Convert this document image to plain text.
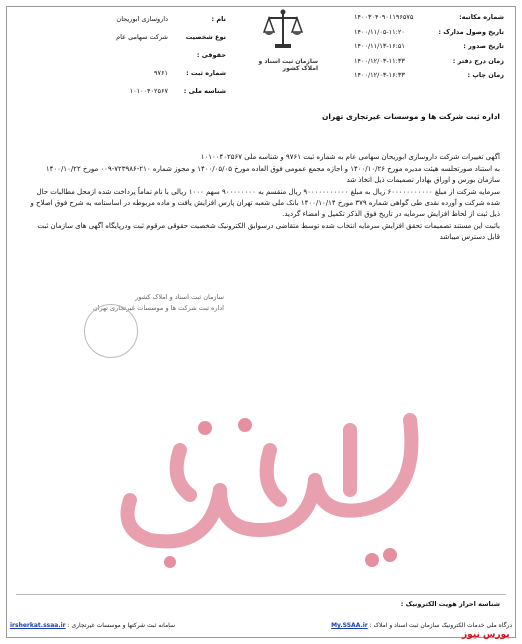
شماره مکاتبه:
۱۴۰۰۳۰۴۰۹۰۱۱۹۶۵۷۵
تاریخ وصول مدارک :
۱۴۰۰/۱۱/۰۵-۱۱:۲۰
تاریخ صدور :
۱۴۰۰/۱۱/۱۳-۱۶:۵۱
زمان درج دفتر :
۱۴۰۰/۱۲/۰۳-۱۱:۳۳
زمان چاپ :
۱۴۰۰/۱۲/۰۳-۱۶:۳۳
سازمان ثبت اسناد و املاک کشور
نام :
داروسازی ابوریحان
نوع شخصیت حقوقی :
شرکت سهامی عام
شماره ثبت :
۹۷۶۱
شناسه ملی :
۱۰۱۰۰۴۰۲۵۶۷
اداره ثبت شرکت ها و موسسات غیرتجاری تهران

آگهی تغییرات شرکت داروسازی ابوریحان سهامی عام به شماره ثبت ۹۷۶۱ و شناسه ملی ۱۰۱۰۰۴۰۲۵۶۷

به استناد صورتجلسه هیئت مدیره مورخ ۱۴۰۰/۱۰/۲۶ و اجازه مجمع عمومی فوق العاده مورخ ۱۴۰۰/۰۵/۰۵ و مجوز شماره ۲۱۰-۷۲۳۹۸۶-۰۰۹ مورخ ۱۴۰۰/۱۰/۲۲ سازمان بورس و اوراق بهادار تصمیمات ذیل اتخاذ شد

سرمایه شرکت از مبلغ ۶۰۰۰۰۰۰۰۰۰۰۰ ریال به مبلغ ۹۰۰۰۰۰۰۰۰۰۰۰ ریال منقسم به ۹۰۰۰۰۰۰۰۰ سهم ۱۰۰۰ ریالی با نام تماماً پرداخت شده ازمحل مطالبات حال شده شرکت و آورده نقدی طی گواهی شماره ۳۷۹ مورخ ۱۴۰۰/۱۰/۱۴ بانک ملی شعبه تهران پارس افزایش یافت و ماده مربوطه در اساسنامه به شرح فوق اصلاح و ذیل ثبت از لحاظ افزایش سرمایه در تاریخ فوق الذکر تکمیل و امضاء گردید.

باثبت این مستند تصمیمات تحقق افزایش سرمایه انتخاب شده توسط متقاضی درسوابق الکترونیک شخصیت حقوقی مرقوم ثبت ودرپایگاه آگهی های سازمان ثبت قابل دسترس میباشد

سازمان ثبت اسناد و املاک کشور
اداره ثبت شرکت ها و موسسات غیرتجاری تهران
شناسه احراز هویت الکترونیک :
درگاه ملی خدمات الکترونیک سازمان ثبت اسناد و املاک : My.SSAA.ir
سامانه ثبت شرکتها و موسسات غیرتجاری : irsherkat.ssaa.ir
بورس نیوز
